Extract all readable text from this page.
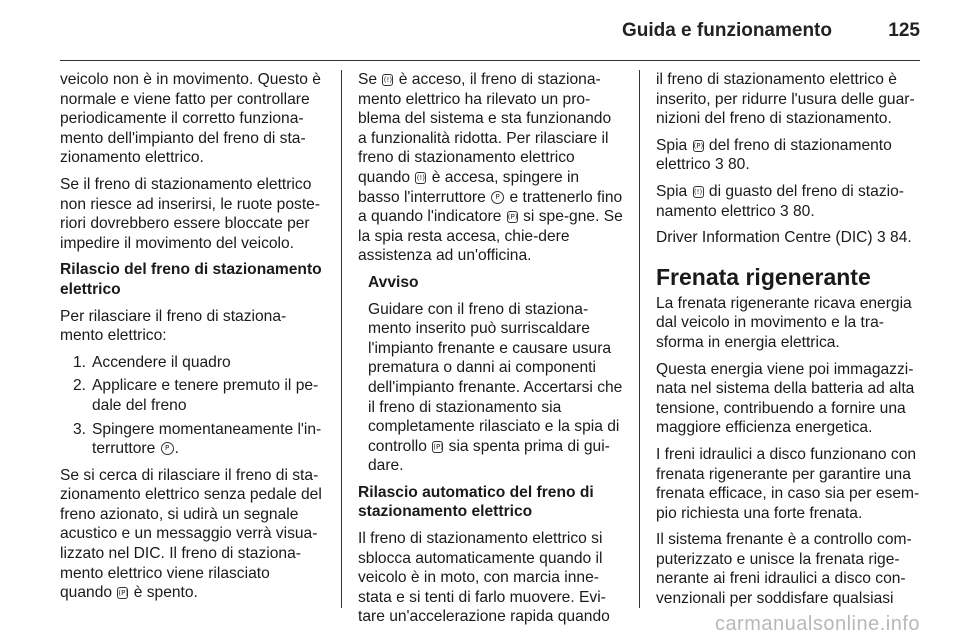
Guida e funzionamento	125

veicolo non è in movimento. Questo è normale e viene fatto per controllare periodicamente il corretto funziona-mento dell'impianto del freno di sta-zionamento elettrico.

Se il freno di stazionamento elettrico non riesce ad inserirsi, le ruote poste-riori dovrebbero essere bloccate per impedire il movimento del veicolo.

Rilascio del freno di stazionamento elettrico

Per rilasciare il freno di staziona-mento elettrico:

1. Accendere il quadro
2. Applicare e tenere premuto il pe-dale del freno
3. Spingere momentaneamente l'in-terruttore P .

Se si cerca di rilasciare il freno di sta-zionamento elettrico senza pedale del freno azionato, si udirà un segnale acustico e un messaggio verrà visua-lizzato nel DIC. Il freno di staziona-mento elettrico viene rilasciato quando (P) è spento.

Se (!) è acceso, il freno di staziona-mento elettrico ha rilevato un pro-blema del sistema e sta funzionando a funzionalità ridotta. Per rilasciare il freno di stazionamento elettrico quando (!) è accesa, spingere in basso l'interruttore P e trattenerlo fino a quando l'indicatore (P) si spe-gne. Se la spia resta accesa, chie-dere assistenza ad un'officina.

Avviso

Guidare con il freno di staziona-mento inserito può surriscaldare l'impianto frenante e causare usura prematura o danni ai componenti dell'impianto frenante. Accertarsi che il freno di stazionamento sia completamente rilasciato e la spia di controllo (P) sia spenta prima di gui-dare.

Rilascio automatico del freno di stazionamento elettrico

Il freno di stazionamento elettrico si sblocca automaticamente quando il veicolo è in moto, con marcia inne-stata e si tenti di farlo muovere. Evi-tare un'accelerazione rapida quando

il freno di stazionamento elettrico è inserito, per ridurre l'usura delle guar-nizioni del freno di stazionamento.

Spia (P) del freno di stazionamento elettrico 3 80.

Spia (!) di guasto del freno di stazio-namento elettrico 3 80.

Driver Information Centre (DIC) 3 84.

Frenata rigenerante

La frenata rigenerante ricava energia dal veicolo in movimento e la tra-sforma in energia elettrica.

Questa energia viene poi immagazzi-nata nel sistema della batteria ad alta tensione, contribuendo a fornire una maggiore efficienza energetica.

I freni idraulici a disco funzionano con frenata rigenerante per garantire una frenata efficace, in caso sia per esem-pio richiesta una forte frenata.

Il sistema frenante è a controllo com-puterizzato e unisce la frenata rige-nerante ai freni idraulici a disco con-venzionali per soddisfare qualsiasi

carmanualsonline.info
